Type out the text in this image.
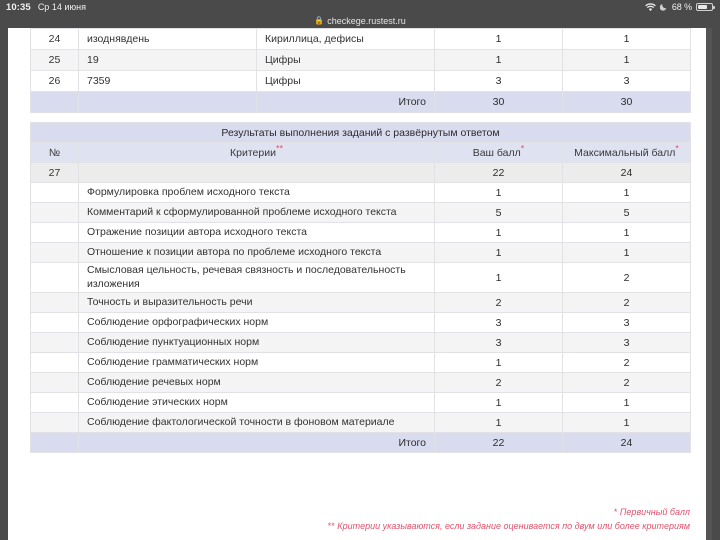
10:35 Ср 14 июня	68 %
🔒 checkege.rustest.ru
24	изоднявдень	Кириллица, дефисы	1	1
25	19	Цифры	1	1
26	7359	Цифры	3	3
		Итого	30	30
Результаты выполнения заданий с развёрнутым ответом			
№	Критерии**	Ваш балл*	Максимальный балл*
27		22	24
	Формулировка проблем исходного текста	1	1
	Комментарий к сформулированной проблеме исходного текста	5	5
	Отражение позиции автора исходного текста	1	1
	Отношение к позиции автора по проблеме исходного текста	1	1
	Смысловая цельность, речевая связность и последовательность изложения	1	2
	Точность и выразительность речи	2	2
	Соблюдение орфографических норм	3	3
	Соблюдение пунктуационных норм	3	3
	Соблюдение грамматических норм	1	2
	Соблюдение речевых норм	2	2
	Соблюдение этических норм	1	1
	Соблюдение фактологической точности в фоновом материале	1	1
	Итого	22	24
* Первичный балл
** Критерии указываются, если задание оценивается по двум или более критериям
